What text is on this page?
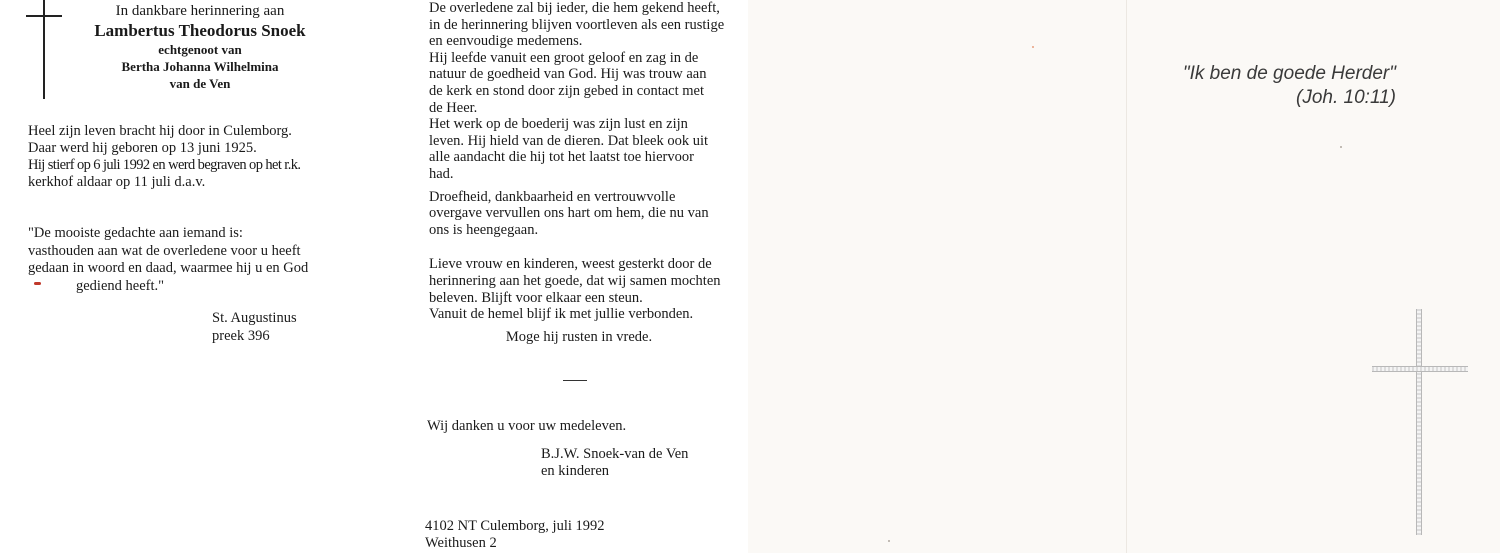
In dankbare herinnering aan
Lambertus Theodorus Snoek
echtgenoot van
Bertha Johanna Wilhelmina
van de Ven
Heel zijn leven bracht hij door in Culemborg.
Daar werd hij geboren op 13 juni 1925.
Hij stierf op 6 juli 1992 en werd begraven op het r.k.
kerkhof aldaar op 11 juli d.a.v.
"De mooiste gedachte aan iemand is:
vasthouden aan wat de overledene voor u heeft
gedaan in woord en daad, waarmee hij u en God
gediend heeft."
St. Augustinus
preek 396

De overledene zal bij ieder, die hem gekend heeft,

in de herinnering blijven voortleven als een rustige

en eenvoudige medemens.

Hij leefde vanuit een groot geloof en zag in de

natuur de goedheid van God. Hij was trouw aan

de kerk en stond door zijn gebed in contact met

de Heer.

Het werk op de boederij was zijn lust en zijn

leven. Hij hield van de dieren. Dat bleek ook uit

alle aandacht die hij tot het laatst toe hiervoor

had.

Droefheid, dankbaarheid en vertrouwvolle

overgave vervullen ons hart om hem, die nu van

ons is heengegaan.

Lieve vrouw en kinderen, weest gesterkt door de

herinnering aan het goede, dat wij samen mochten

beleven. Blijft voor elkaar een steun.

Vanuit de hemel blijf ik met jullie verbonden.

Moge hij rusten in vrede.
Wij danken u voor uw medeleven.
B.J.W. Snoek-van de Ven
en kinderen
4102 NT Culemborg, juli 1992
Weithusen 2
"Ik ben de goede Herder"
(Joh. 10:11)
